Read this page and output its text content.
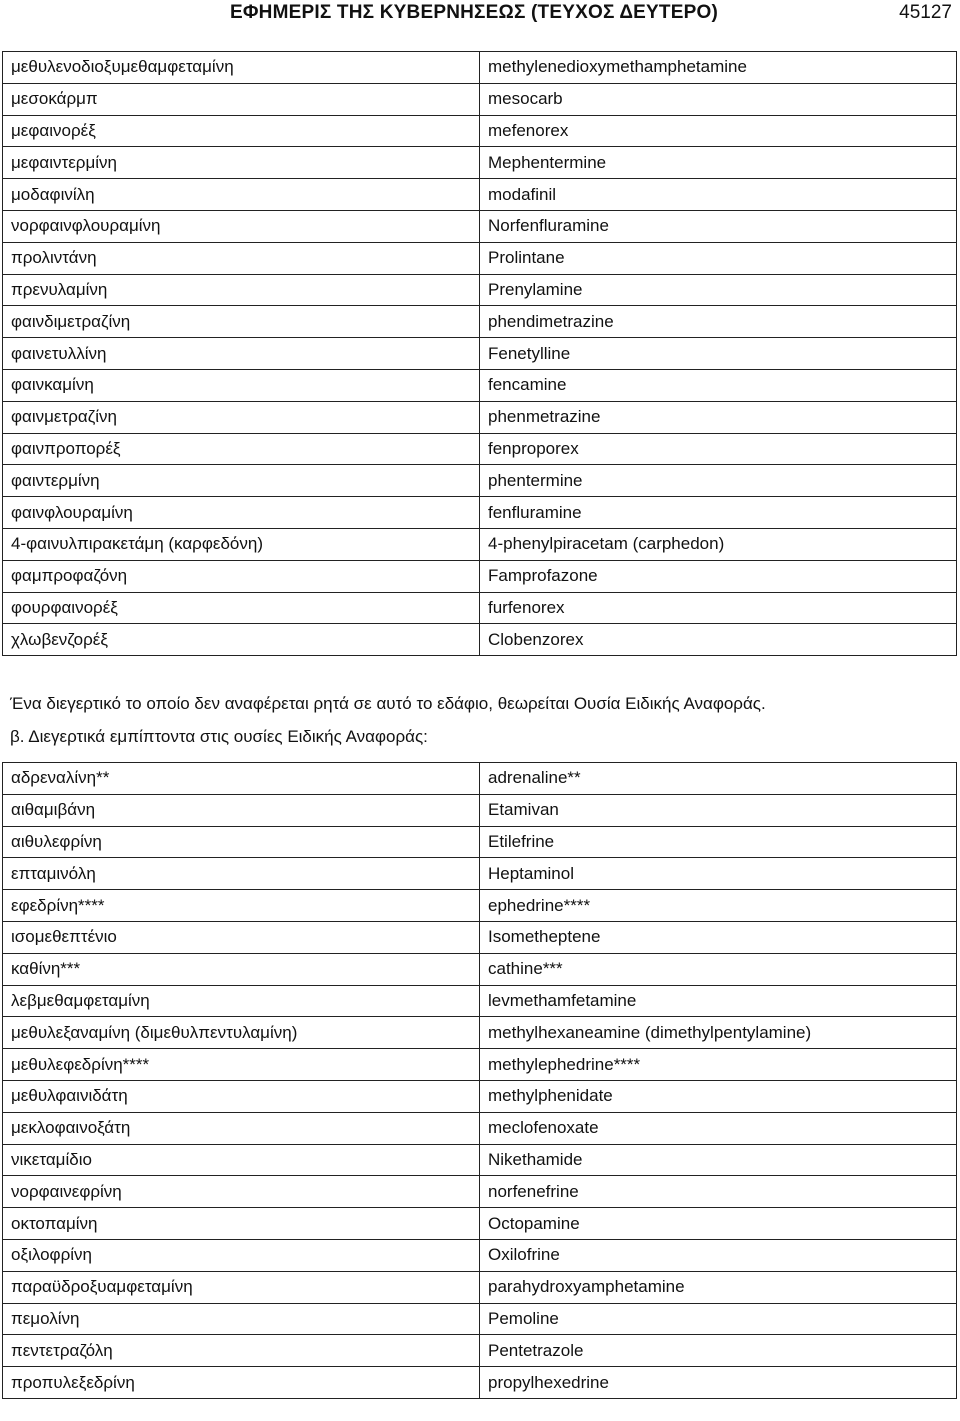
ΕΦΗΜΕΡΙΣ ΤΗΣ ΚΥΒΕΡΝΗΣΕΩΣ (ΤΕΥΧΟΣ ΔΕΥΤΕΡΟ)	45127
μεθυλενοδιοξυμεθαμφεταμίνη	methylenedioxymethamphetamine
μεσοκάρμπ	mesocarb
μεφαινορέξ	mefenorex
μεφαιντερμίνη	Mephentermine
μοδαφινίλη	modafinil
νορφαινφλουραμίνη	Norfenfluramine
προλιντάνη	Prolintane
πρενυλαμίνη	Prenylamine
φαινδιμετραζίνη	phendimetrazine
φαινετυλλίνη	Fenetylline
φαινκαμίνη	fencamine
φαινμετραζίνη	phenmetrazine
φαινπροπορέξ	fenproporex
φαιντερμίνη	phentermine
φαινφλουραμίνη	fenfluramine
4-φαινυλπιρακετάμη (καρφεδόνη)	4-phenylpiracetam (carphedon)
φαμπροφαζόνη	Famprofazone
φουρφαινορέξ	furfenorex
χλωβενζορέξ	Clobenzorex
Ένα διεγερτικό το οποίο δεν αναφέρεται ρητά σε αυτό το εδάφιο, θεωρείται Ουσία Ειδικής Αναφοράς.
β. Διεγερτικά εμπίπτοντα στις ουσίες Ειδικής Αναφοράς:
αδρεναλίνη**	adrenaline**
αιθαμιβάνη	Etamivan
αιθυλεφρίνη	Etilefrine
επταμινόλη	Heptaminol
εφεδρίνη****	ephedrine****
ισομεθεπτένιο	Isometheptene
καθίνη***	cathine***
λεβμεθαμφεταμίνη	levmethamfetamine
μεθυλεξαναμίνη (διμεθυλπεντυλαμίνη)	methylhexaneamine (dimethylpentylamine)
μεθυλεφεδρίνη****	methylephedrine****
μεθυλφαινιδάτη	methylphenidate
μεκλοφαινοξάτη	meclofenoxate
νικεταμίδιο	Nikethamide
νορφαινεφρίνη	norfenefrine
οκτοπαμίνη	Octopamine
οξιλοφρίνη	Oxilofrine
παραϋδροξυαμφεταμίνη	parahydroxyamphetamine
πεμολίνη	Pemoline
πεντετραζόλη	Pentetrazole
προπυλεξεδρίνη	propylhexedrine
